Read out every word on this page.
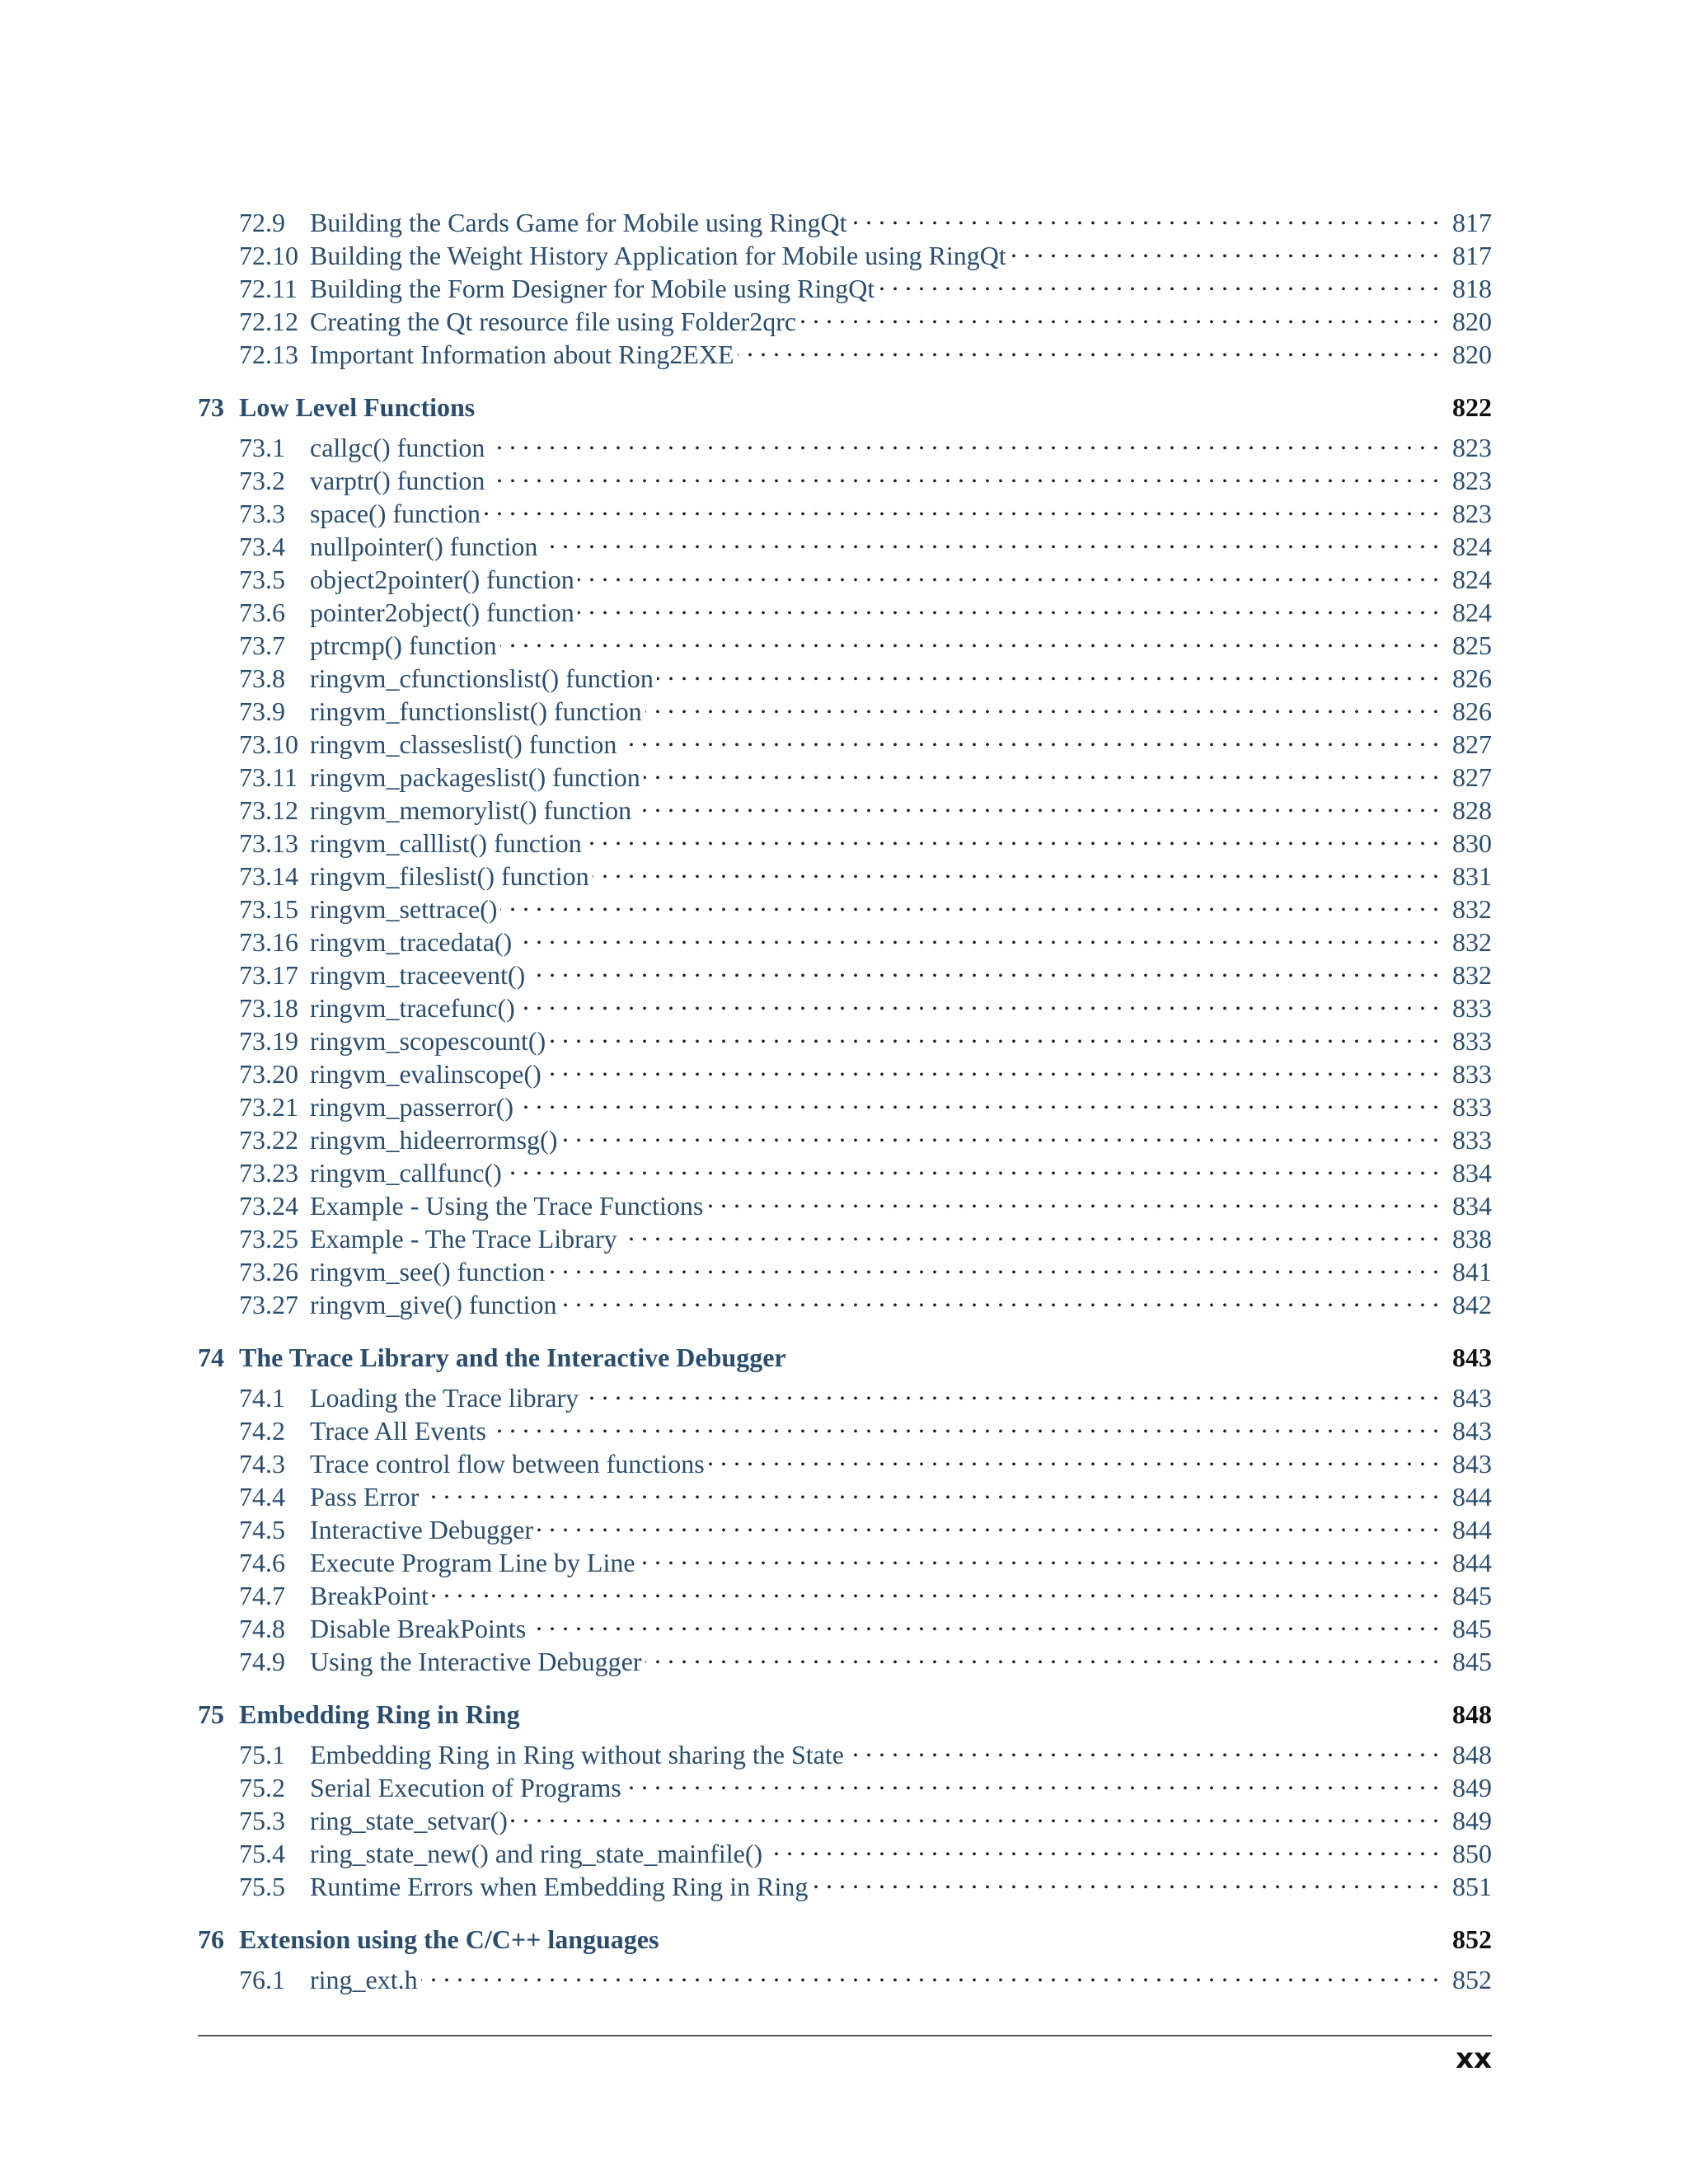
72.9 Building the Cards Game for Mobile using RingQt . . .	817
72.10 Building the Weight History Application for Mobile using RingQt . . .	817
72.11 Building the Form Designer for Mobile using RingQt . . .	818
72.12 Creating the Qt resource file using Folder2qrc . . .	820
72.13 Important Information about Ring2EXE . . .	820
73 Low Level Functions	822
73.1 callgc() function . . .	823
73.2 varptr() function . . .	823
73.3 space() function . . .	823
73.4 nullpointer() function . . .	824
73.5 object2pointer() function . . .	824
73.6 pointer2object() function . . .	824
73.7 ptrcmp() function . . .	825
73.8 ringvm_cfunctionslist() function . . .	826
73.9 ringvm_functionslist() function . . .	826
73.10 ringvm_classeslist() function . . .	827
73.11 ringvm_packageslist() function . . .	827
73.12 ringvm_memorylist() function . . .	828
73.13 ringvm_calllist() function . . .	830
73.14 ringvm_fileslist() function . . .	831
73.15 ringvm_settrace() . . .	832
73.16 ringvm_tracedata() . . .	832
73.17 ringvm_traceevent() . . .	832
73.18 ringvm_tracefunc() . . .	833
73.19 ringvm_scopescount() . . .	833
73.20 ringvm_evalinscope() . . .	833
73.21 ringvm_passerror() . . .	833
73.22 ringvm_hideerrormsg() . . .	833
73.23 ringvm_callfunc() . . .	834
73.24 Example - Using the Trace Functions . . .	834
73.25 Example - The Trace Library . . .	838
73.26 ringvm_see() function . . .	841
73.27 ringvm_give() function . . .	842
74 The Trace Library and the Interactive Debugger	843
74.1 Loading the Trace library . . .	843
74.2 Trace All Events . . .	843
74.3 Trace control flow between functions . . .	843
74.4 Pass Error . . .	844
74.5 Interactive Debugger . . .	844
74.6 Execute Program Line by Line . . .	844
74.7 BreakPoint . . .	845
74.8 Disable BreakPoints . . .	845
74.9 Using the Interactive Debugger . . .	845
75 Embedding Ring in Ring	848
75.1 Embedding Ring in Ring without sharing the State . . .	848
75.2 Serial Execution of Programs . . .	849
75.3 ring_state_setvar() . . .	849
75.4 ring_state_new() and ring_state_mainfile() . . .	850
75.5 Runtime Errors when Embedding Ring in Ring . . .	851
76 Extension using the C/C++ languages	852
76.1 ring_ext.h . . .	852
xx
